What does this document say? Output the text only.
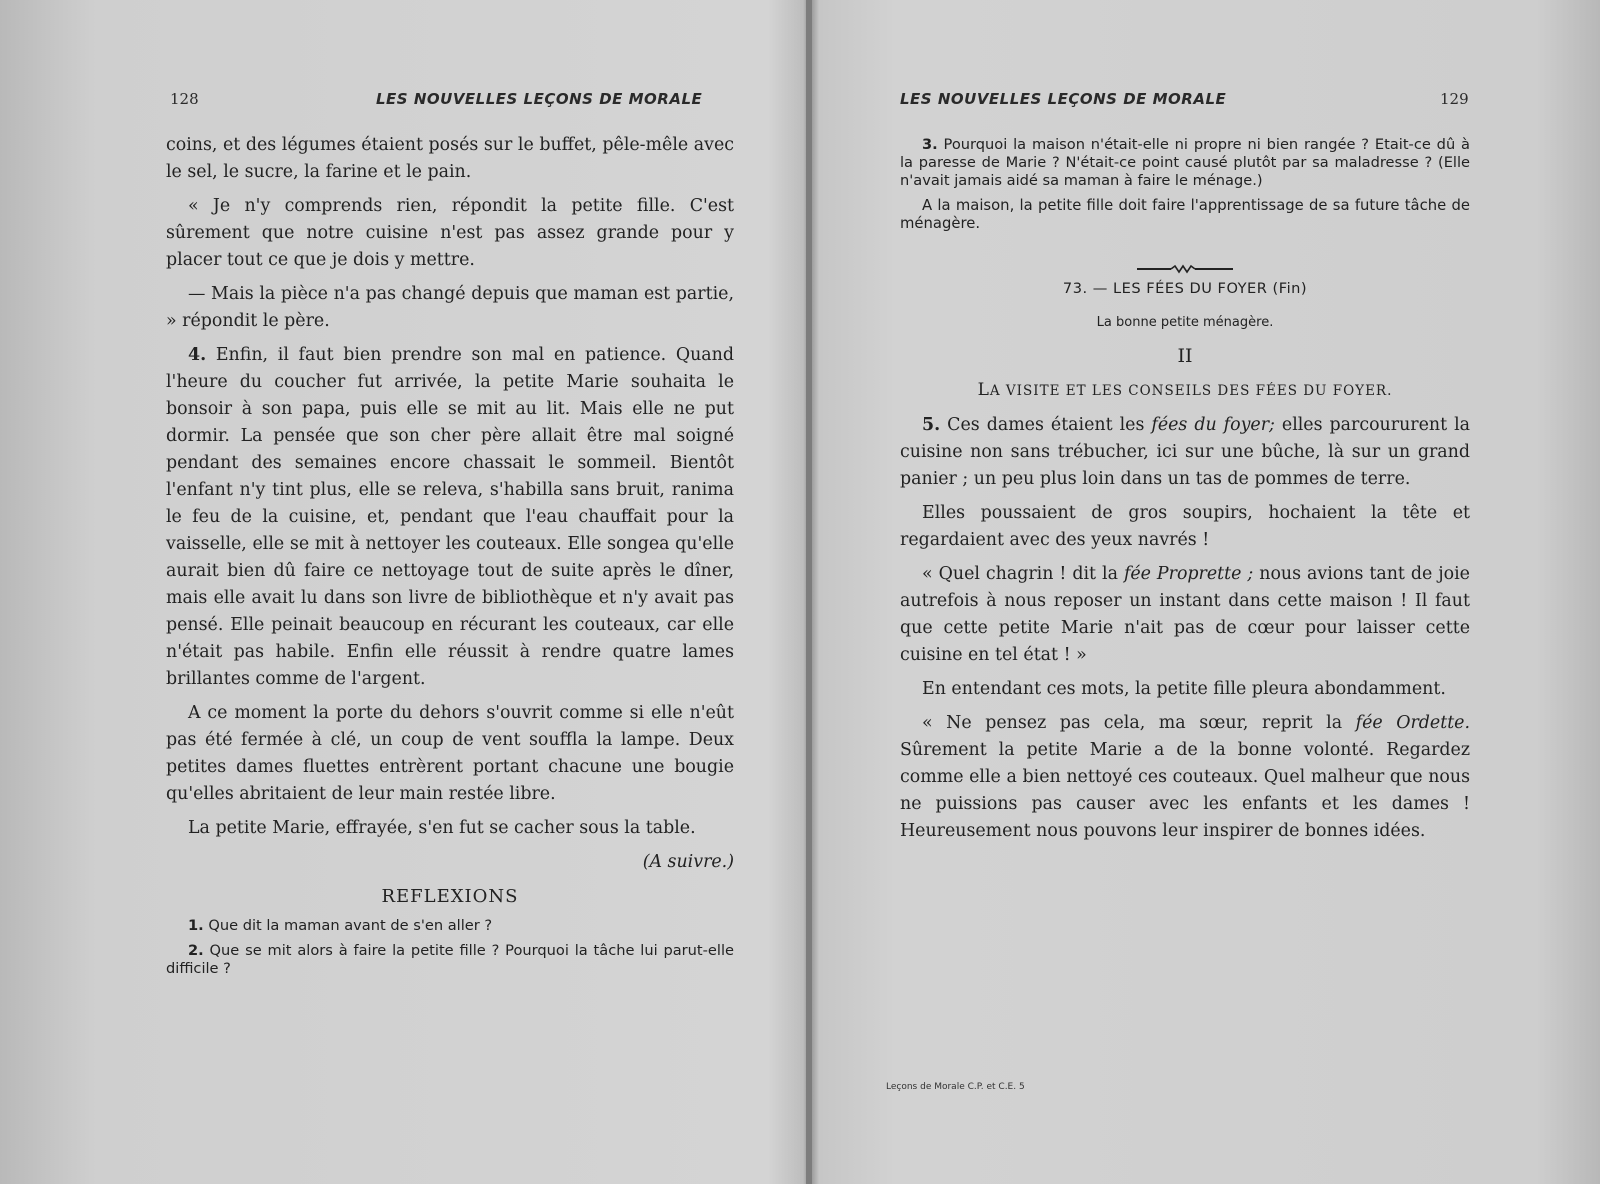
128	LES NOUVELLES LEÇONS DE MORALE

coins, et des légumes étaient posés sur le buffet, pêle-mêle avec le sel, le sucre, la farine et le pain.

« Je n'y comprends rien, répondit la petite fille. C'est sûrement que notre cuisine n'est pas assez grande pour y placer tout ce que je dois y mettre.

— Mais la pièce n'a pas changé depuis que maman est partie, » répondit le père.

4. Enfin, il faut bien prendre son mal en patience. Quand l'heure du coucher fut arrivée, la petite Marie souhaita le bonsoir à son papa, puis elle se mit au lit. Mais elle ne put dormir. La pensée que son cher père allait être mal soigné pendant des semaines encore chassait le sommeil. Bientôt l'enfant n'y tint plus, elle se releva, s'habilla sans bruit, ranima le feu de la cuisine, et, pendant que l'eau chauffait pour la vaisselle, elle se mit à nettoyer les couteaux. Elle songea qu'elle aurait bien dû faire ce nettoyage tout de suite après le dîner, mais elle avait lu dans son livre de bibliothèque et n'y avait pas pensé. Elle peinait beaucoup en récurant les couteaux, car elle n'était pas habile. Enfin elle réussit à rendre quatre lames brillantes comme de l'argent.

A ce moment la porte du dehors s'ouvrit comme si elle n'eût pas été fermée à clé, un coup de vent souffla la lampe. Deux petites dames fluettes entrèrent portant chacune une bougie qu'elles abritaient de leur main restée libre.

La petite Marie, effrayée, s'en fut se cacher sous la table.

(A suivre.)

REFLEXIONS

1. Que dit la maman avant de s'en aller ?

2. Que se mit alors à faire la petite fille ? Pourquoi la tâche lui parut-elle difficile ?

LES NOUVELLES LEÇONS DE MORALE	129

3. Pourquoi la maison n'était-elle ni propre ni bien rangée ? Etait-ce dû à la paresse de Marie ? N'était-ce point causé plutôt par sa maladresse ? (Elle n'avait jamais aidé sa maman à faire le ménage.)

A la maison, la petite fille doit faire l'apprentissage de sa future tâche de ménagère.

73. — LES FÉES DU FOYER (Fin)

La bonne petite ménagère.

II

LA VISITE ET LES CONSEILS DES FÉES DU FOYER.

5. Ces dames étaient les fées du foyer; elles parcoururent la cuisine non sans trébucher, ici sur une bûche, là sur un grand panier ; un peu plus loin dans un tas de pommes de terre.

Elles poussaient de gros soupirs, hochaient la tête et regardaient avec des yeux navrés !

« Quel chagrin ! dit la fée Proprette ; nous avions tant de joie autrefois à nous reposer un instant dans cette maison ! Il faut que cette petite Marie n'ait pas de cœur pour laisser cette cuisine en tel état ! »

En entendant ces mots, la petite fille pleura abondamment.

« Ne pensez pas cela, ma sœur, reprit la fée Ordette. Sûrement la petite Marie a de la bonne volonté. Regardez comme elle a bien nettoyé ces couteaux. Quel malheur que nous ne puissions pas causer avec les enfants et les dames ! Heureusement nous pouvons leur inspirer de bonnes idées.

Leçons de Morale C.P. et C.E. 5
